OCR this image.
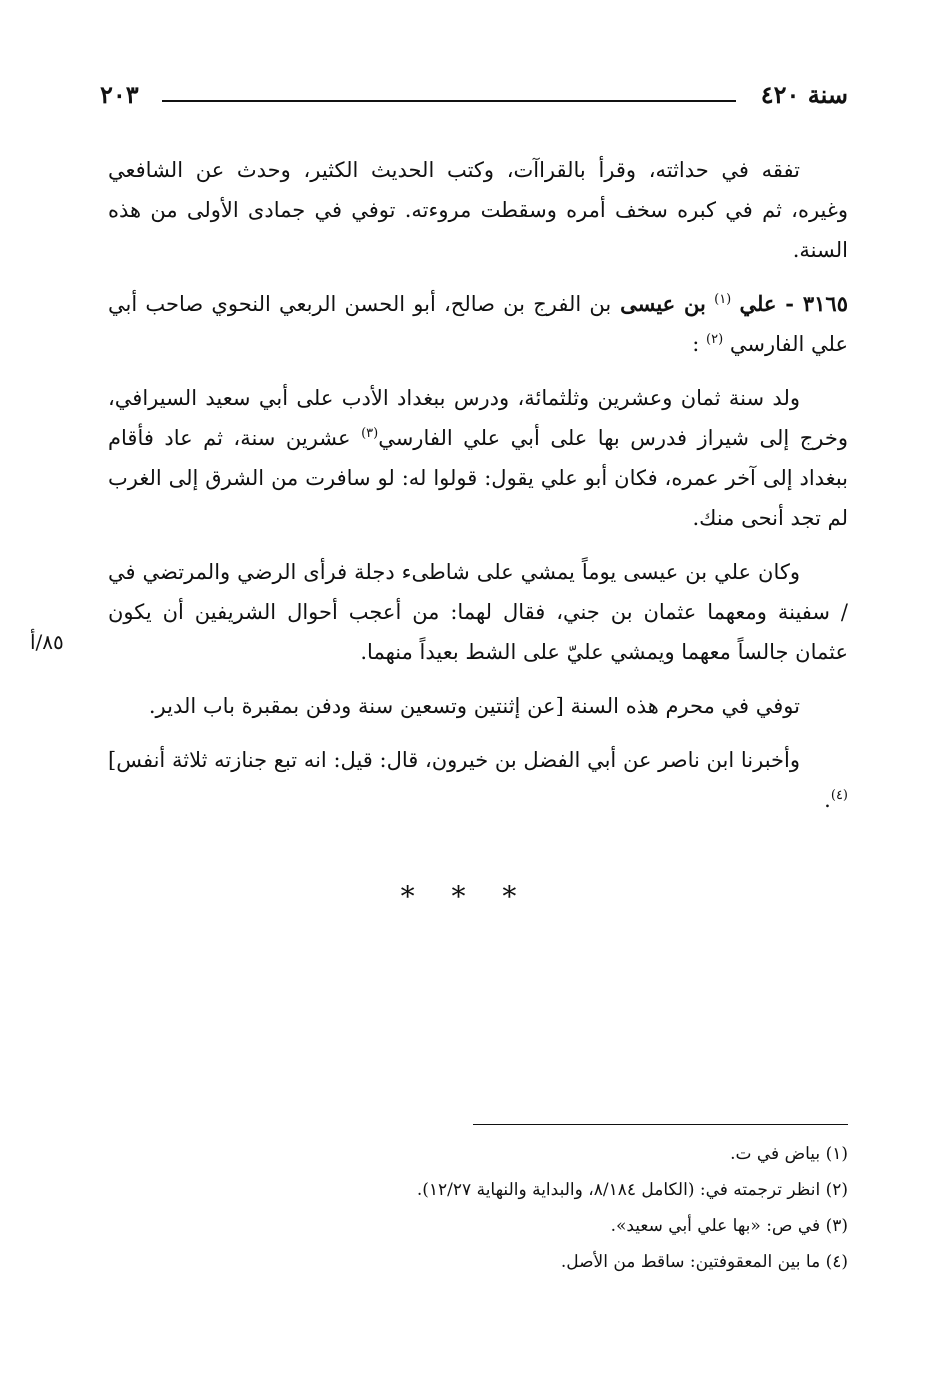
سنة ٤٢٠
٢٠٣
٨٥/أ

تفقه في حداثته، وقرأ بالقراآت، وكتب الحديث الكثير، وحدث عن الشافعي وغيره، ثم في كبره سخف أمره وسقطت مروءته. توفي في جمادى الأولى من هذه السنة.

٣١٦٥ - علي $^{(١)}$ بن عيسى بن الفرج بن صالح، أبو الحسن الربعي النحوي صاحب أبي علي الفارسي $^{(٢)}$ :

ولد سنة ثمان وعشرين وثلثمائة، ودرس ببغداد الأدب على أبي سعيد السيرافي، وخرج إلى شيراز فدرس بها على أبي علي الفارسي$^{(٣)}$ عشرين سنة، ثم عاد فأقام ببغداد إلى آخر عمره، فكان أبو علي يقول: قولوا له: لو سافرت من الشرق إلى الغرب لم تجد أنحى منك.

وكان علي بن عيسى يوماً يمشي على شاطىء دجلة فرأى الرضي والمرتضي في / سفينة ومعهما عثمان بن جني، فقال لهما: من أعجب أحوال الشريفين أن يكون عثمان جالساً معهما ويمشي عليّ على الشط بعيداً منهما.

توفي في محرم هذه السنة [عن إثنتين وتسعين سنة ودفن بمقبرة باب الدير.

وأخبرنا ابن ناصر عن أبي الفضل بن خيرون، قال: قيل: انه تبع جنازته ثلاثة أنفس]$^{(٤)}$.

* * *

(١) بياض في ت.

(٢) انظر ترجمته في: (الكامل ٨/١٨٤، والبداية والنهاية ١٢/٢٧).

(٣) في ص: «بها علي أبي سعيد».

(٤) ما بين المعقوفتين: ساقط من الأصل.
